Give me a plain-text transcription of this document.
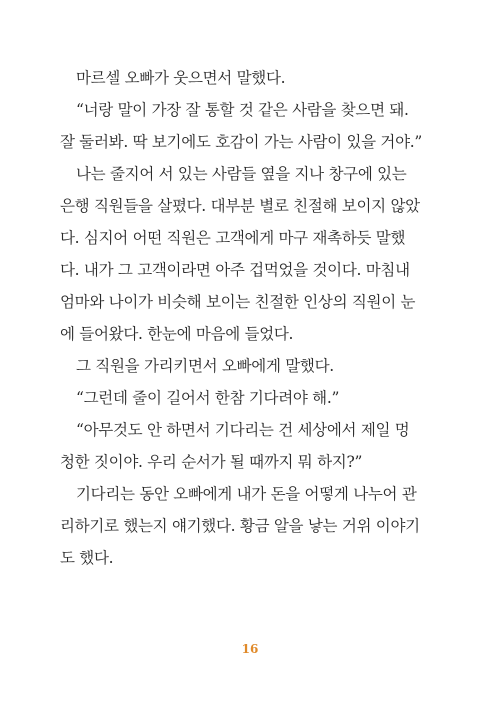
마르셀 오빠가 웃으면서 말했다.
“너랑 말이 가장 잘 통할 것 같은 사람을 찾으면 돼.
잘 둘러봐. 딱 보기에도 호감이 가는 사람이 있을 거야.”
나는 줄지어 서 있는 사람들 옆을 지나 창구에 있는
은행 직원들을 살폈다. 대부분 별로 친절해 보이지 않았
다. 심지어 어떤 직원은 고객에게 마구 재촉하듯 말했
다. 내가 그 고객이라면 아주 겁먹었을 것이다. 마침내
엄마와 나이가 비슷해 보이는 친절한 인상의 직원이 눈
에 들어왔다. 한눈에 마음에 들었다.
그 직원을 가리키면서 오빠에게 말했다.
“그런데 줄이 길어서 한참 기다려야 해.”
“아무것도 안 하면서 기다리는 건 세상에서 제일 멍
청한 짓이야. 우리 순서가 될 때까지 뭐 하지?”
기다리는 동안 오빠에게 내가 돈을 어떻게 나누어 관
리하기로 했는지 얘기했다. 황금 알을 낳는 거위 이야기
도 했다.
16
